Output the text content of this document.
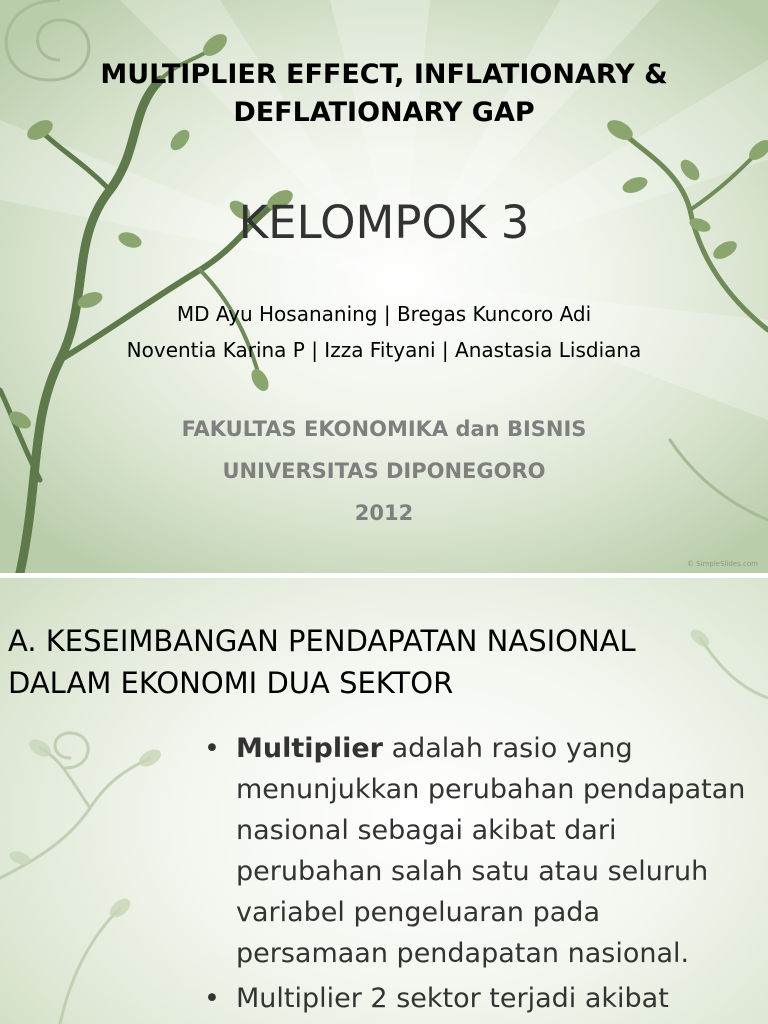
MULTIPLIER EFFECT, INFLATIONARY &
DEFLATIONARY GAP
KELOMPOK 3
MD Ayu Hosananing | Bregas Kuncoro Adi
Noventia Karina P | Izza Fityani | Anastasia Lisdiana
FAKULTAS EKONOMIKA dan BISNIS
UNIVERSITAS DIPONEGORO
2012
© SimpleSlides.com
A. KESEIMBANGAN PENDAPATAN NASIONAL
DALAM EKONOMI DUA SEKTOR
• Multiplier adalah rasio yang menunjukkan perubahan pendapatan nasional sebagai akibat dari perubahan salah satu atau seluruh variabel pengeluaran pada persamaan pendapatan nasional.
• Multiplier 2 sektor terjadi akibat
